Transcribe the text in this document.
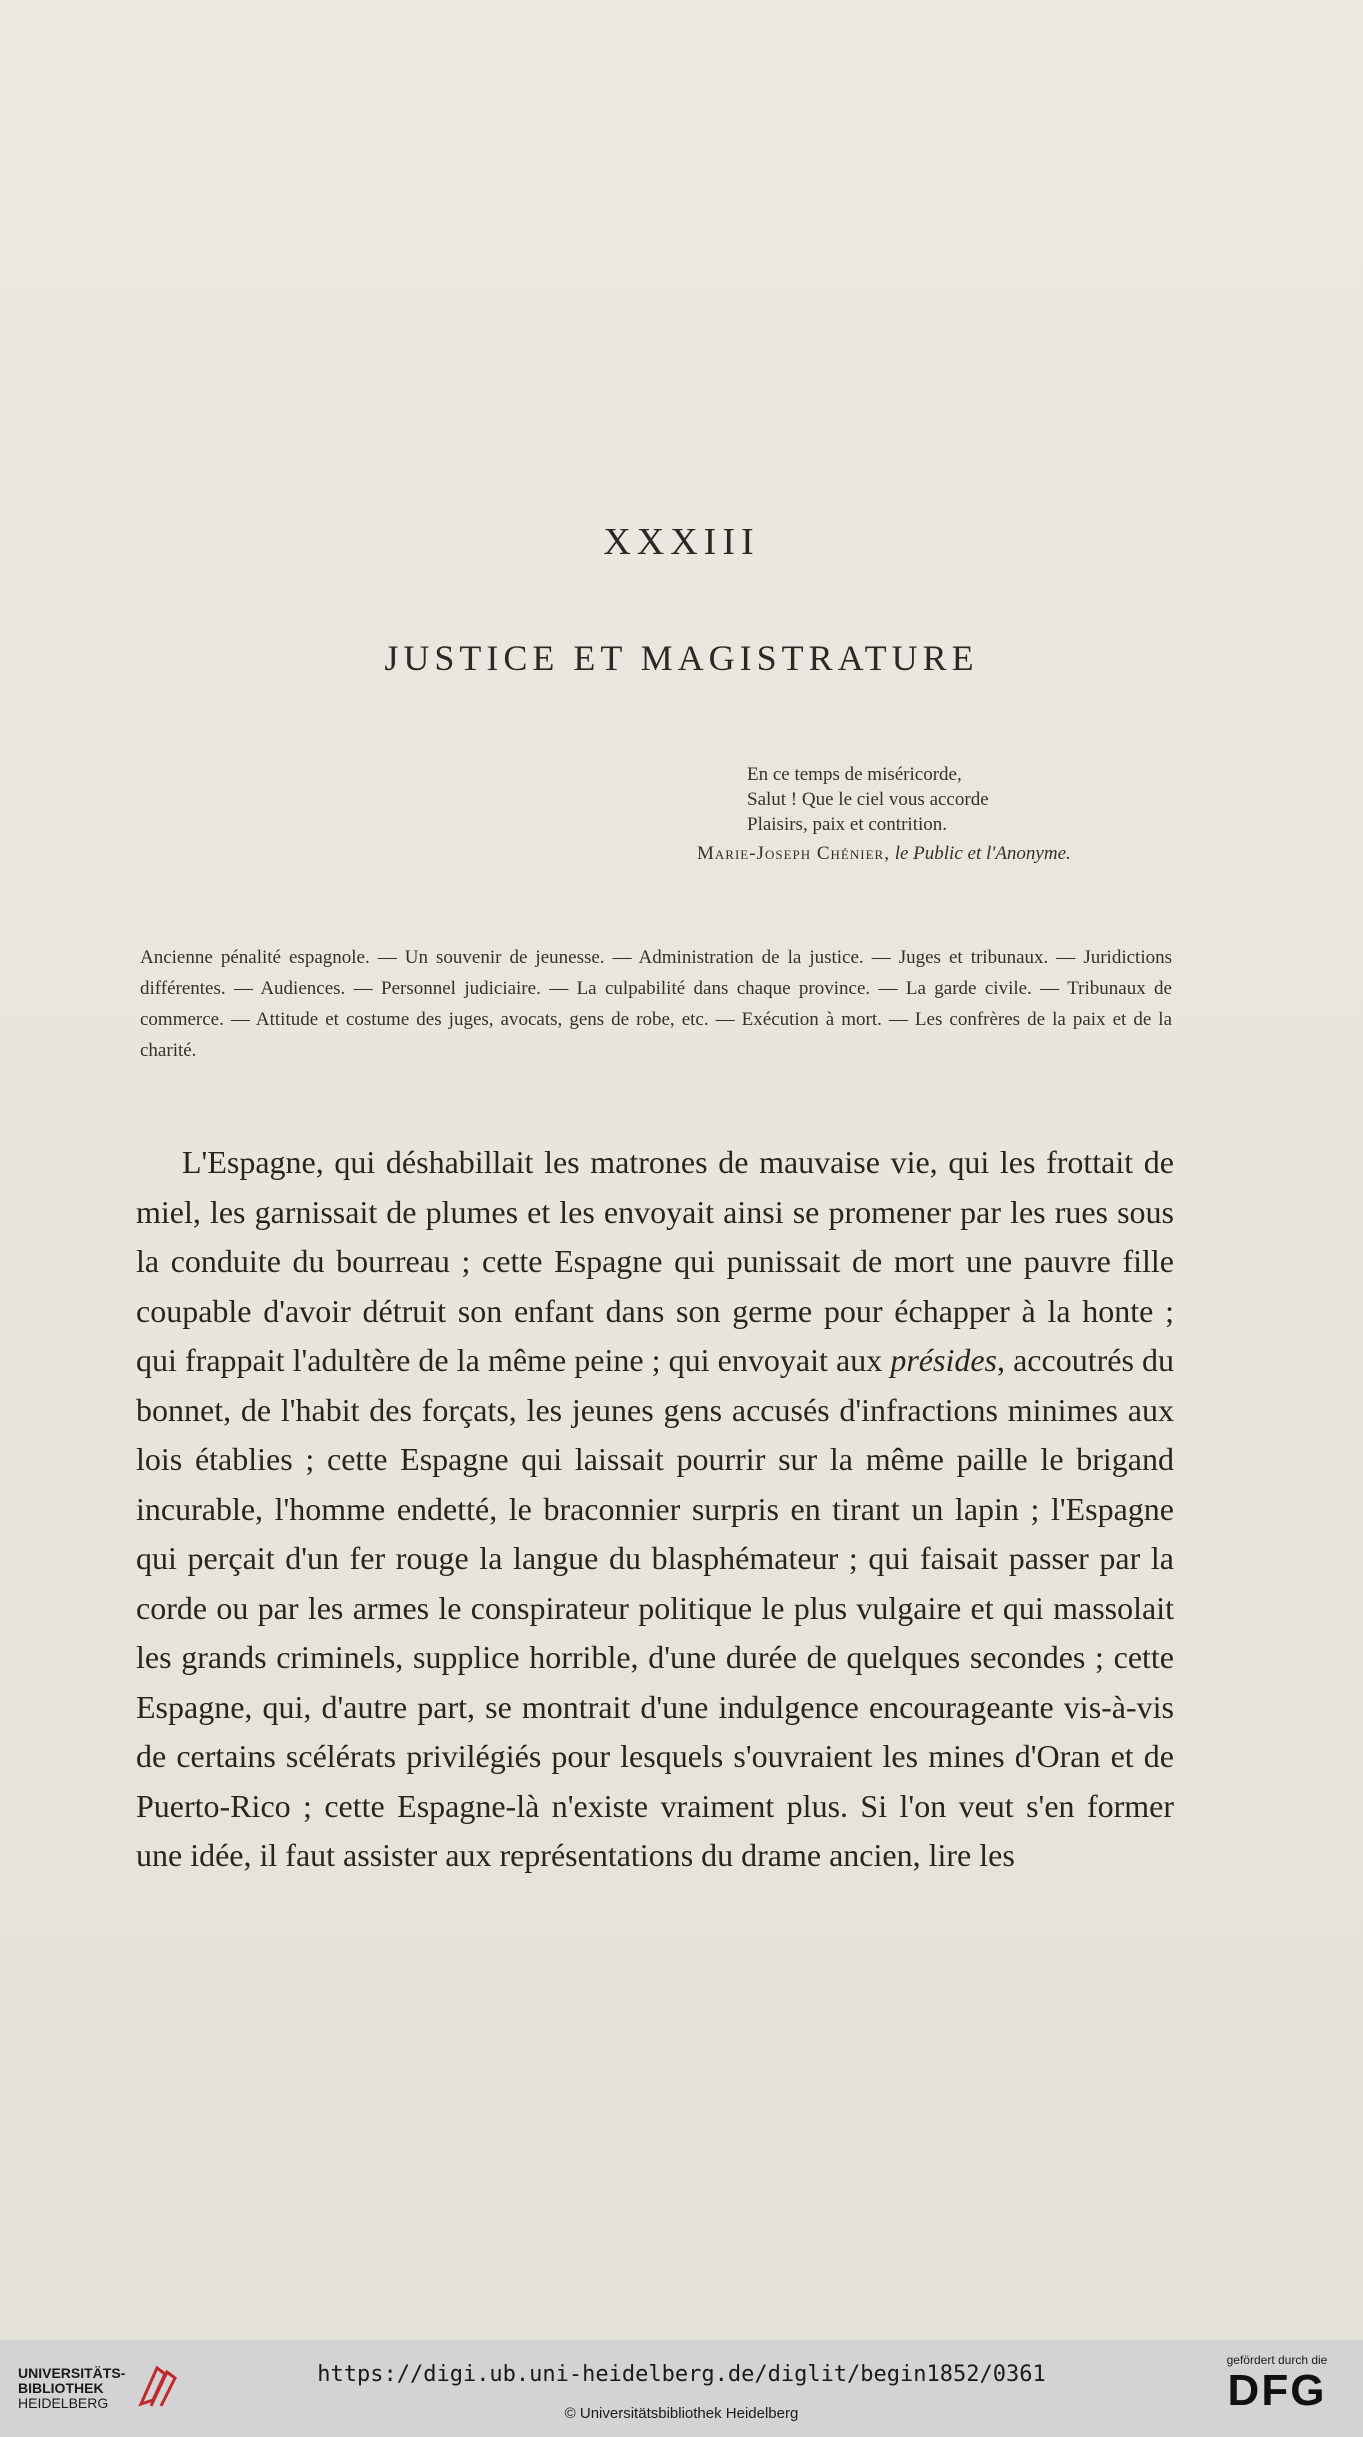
XXXIII
JUSTICE ET MAGISTRATURE
En ce temps de miséricorde,
Salut ! Que le ciel vous accorde
Plaisirs, paix et contrition.
Marie-Joseph Chénier, le Public et l'Anonyme.
Ancienne pénalité espagnole. — Un souvenir de jeunesse. — Administration de la justice. — Juges et tribunaux. — Juridictions différentes. — Audiences. — Personnel judiciaire. — La culpabilité dans chaque province. — La garde civile. — Tribunaux de commerce. — Attitude et costume des juges, avocats, gens de robe, etc. — Exécution à mort. — Les confrères de la paix et de la charité.
L'Espagne, qui déshabillait les matrones de mauvaise vie, qui les frottait de miel, les garnissait de plumes et les envoyait ainsi se promener par les rues sous la conduite du bourreau ; cette Espagne qui punissait de mort une pauvre fille coupable d'avoir détruit son enfant dans son germe pour échapper à la honte ; qui frappait l'adultère de la même peine ; qui envoyait aux présides, accoutrés du bonnet, de l'habit des forçats, les jeunes gens accusés d'infractions minimes aux lois établies ; cette Espagne qui laissait pourrir sur la même paille le brigand incurable, l'homme endetté, le braconnier surpris en tirant un lapin ; l'Espagne qui perçait d'un fer rouge la langue du blasphémateur ; qui faisait passer par la corde ou par les armes le conspirateur politique le plus vulgaire et qui massolait les grands criminels, supplice horrible, d'une durée de quelques secondes ; cette Espagne, qui, d'autre part, se montrait d'une indulgence encourageante vis-à-vis de certains scélérats privilégiés pour lesquels s'ouvraient les mines d'Oran et de Puerto-Rico ; cette Espagne-là n'existe vraiment plus. Si l'on veut s'en former une idée, il faut assister aux représentations du drame ancien, lire les
UNIVERSITÄTS-
BIBLIOTHEK
HEIDELBERG
https://digi.ub.uni-heidelberg.de/diglit/begin1852/0361
© Universitätsbibliothek Heidelberg
gefördert durch die
DFG
